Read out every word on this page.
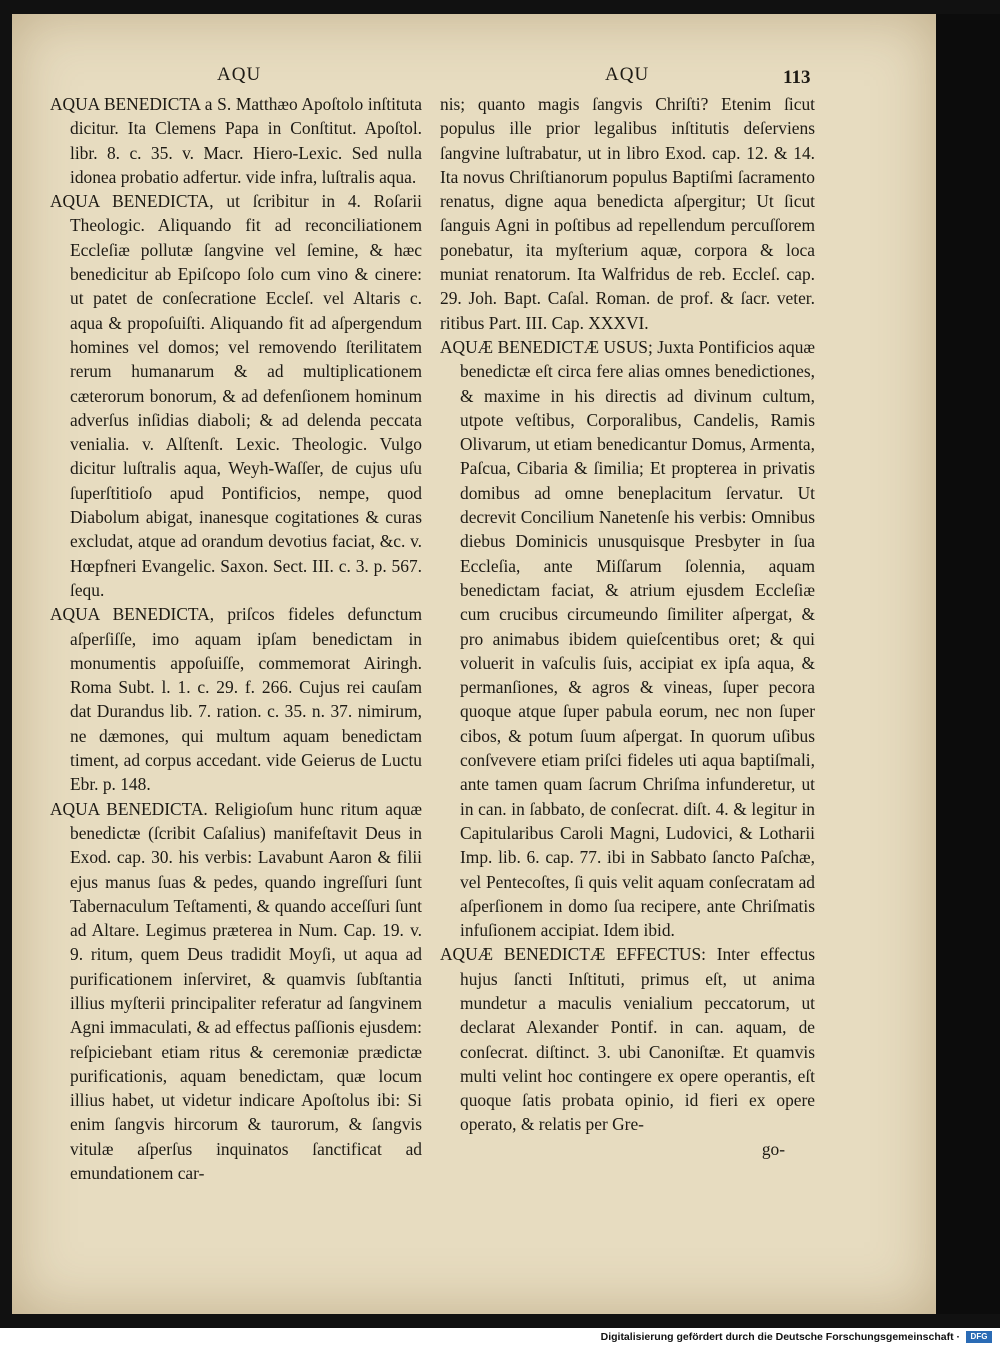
AQU	AQU	113

AQUA BENEDICTA a S. Matthæo Apoſtolo inſtituta dicitur. Ita Clemens Papa in Conſtitut. Apoſtol. libr. 8. c. 35. v. Macr. Hiero-Lexic. Sed nulla idonea probatio adfertur. vide infra, luſtralis aqua.

AQUA BENEDICTA, ut ſcribitur in 4. Roſarii Theologic. Aliquando fit ad reconciliationem Eccleſiæ pollutæ ſangvine vel ſemine, & hæc benedicitur ab Epiſcopo ſolo cum vino & cinere: ut patet de conſecratione Eccleſ. vel Altaris c. aqua & propoſuiſti. Aliquando fit ad aſpergendum homines vel domos; vel removendo ſterilitatem rerum humanarum & ad multiplicationem cæterorum bonorum, & ad defenſionem hominum adverſus inſidias diaboli; & ad delenda peccata venialia. v. Alſtenſt. Lexic. Theologic. Vulgo dicitur luſtralis aqua, Weyh-Waſſer, de cujus uſu ſuperſtitioſo apud Pontificios, nempe, quod Diabolum abigat, inanesque cogitationes & curas excludat, atque ad orandum devotius faciat, &c. v. Hœpfneri Evangelic. Saxon. Sect. III. c. 3. p. 567. ſequ.

AQUA BENEDICTA, priſcos fideles defunctum aſperſiſſe, imo aquam ipſam benedictam in monumentis appoſuiſſe, commemorat Airingh. Roma Subt. l. 1. c. 29. f. 266. Cujus rei cauſam dat Durandus lib. 7. ration. c. 35. n. 37. nimirum, ne dæmones, qui multum aquam benedictam timent, ad corpus accedant. vide Geierus de Luctu Ebr. p. 148.

AQUA BENEDICTA. Religioſum hunc ritum aquæ benedictæ (ſcribit Caſalius) manifeſtavit Deus in Exod. cap. 30. his verbis: Lavabunt Aaron & filii ejus manus ſuas & pedes, quando ingreſſuri ſunt Tabernaculum Teſtamenti, & quando acceſſuri ſunt ad Altare. Legimus præterea in Num. Cap. 19. v. 9. ritum, quem Deus tradidit Moyſi, ut aqua ad purificationem inſerviret, & quamvis ſubſtantia illius myſterii principaliter referatur ad ſangvinem Agni immaculati, & ad effectus paſſionis ejusdem: reſpiciebant etiam ritus & ceremoniæ prædictæ purificationis, aquam benedictam, quæ locum illius habet, ut videtur indicare Apoſtolus ibi: Si enim ſangvis hircorum & taurorum, & ſangvis vitulæ aſperſus inquinatos ſanctificat ad emundationem car-

nis; quanto magis ſangvis Chriſti? Etenim ſicut populus ille prior legalibus inſtitutis deſerviens ſangvine luſtrabatur, ut in libro Exod. cap. 12. & 14. Ita novus Chriſtianorum populus Baptiſmi ſacramento renatus, digne aqua benedicta aſpergitur; Ut ſicut ſanguis Agni in poſtibus ad repellendum percuſſorem ponebatur, ita myſterium aquæ, corpora & loca muniat renatorum. Ita Walfridus de reb. Eccleſ. cap. 29. Joh. Bapt. Caſal. Roman. de prof. & ſacr. veter. ritibus Part. III. Cap. XXXVI.

AQUÆ BENEDICTÆ USUS; Juxta Pontificios aquæ benedictæ eſt circa fere alias omnes benedictiones, & maxime in his directis ad divinum cultum, utpote veſtibus, Corporalibus, Candelis, Ramis Olivarum, ut etiam benedicantur Domus, Armenta, Paſcua, Cibaria & ſimilia; Et propterea in privatis domibus ad omne beneplacitum ſervatur. Ut decrevit Concilium Nanetenſe his verbis: Omnibus diebus Dominicis unusquisque Presbyter in ſua Eccleſia, ante Miſſarum ſolennia, aquam benedictam faciat, & atrium ejusdem Eccleſiæ cum crucibus circumeundo ſimiliter aſpergat, & pro animabus ibidem quieſcentibus oret; & qui voluerit in vaſculis ſuis, accipiat ex ipſa aqua, & permanſiones, & agros & vineas, ſuper pecora quoque atque ſuper pabula eorum, nec non ſuper cibos, & potum ſuum aſpergat. In quorum uſibus conſvevere etiam priſci fideles uti aqua baptiſmali, ante tamen quam ſacrum Chriſma infunderetur, ut in can. in ſabbato, de conſecrat. diſt. 4. & legitur in Capitularibus Caroli Magni, Ludovici, & Lotharii Imp. lib. 6. cap. 77. ibi in Sabbato ſancto Paſchæ, vel Pentecoſtes, ſi quis velit aquam conſecratam ad aſperſionem in domo ſua recipere, ante Chriſmatis infuſionem accipiat. Idem ibid.

AQUÆ BENEDICTÆ EFFECTUS: Inter effectus hujus ſancti Inſtituti, primus eſt, ut anima mundetur a maculis venialium peccatorum, ut declarat Alexander Pontif. in can. aquam, de conſecrat. diſtinct. 3. ubi Canoniſtæ. Et quamvis multi velint hoc contingere ex opere operantis, eſt quoque ſatis probata opinio, id fieri ex opere operato, & relatis per Gre-

go-

Digitalisierung gefördert durch die Deutsche Forschungsgemeinschaft ·	DFG
